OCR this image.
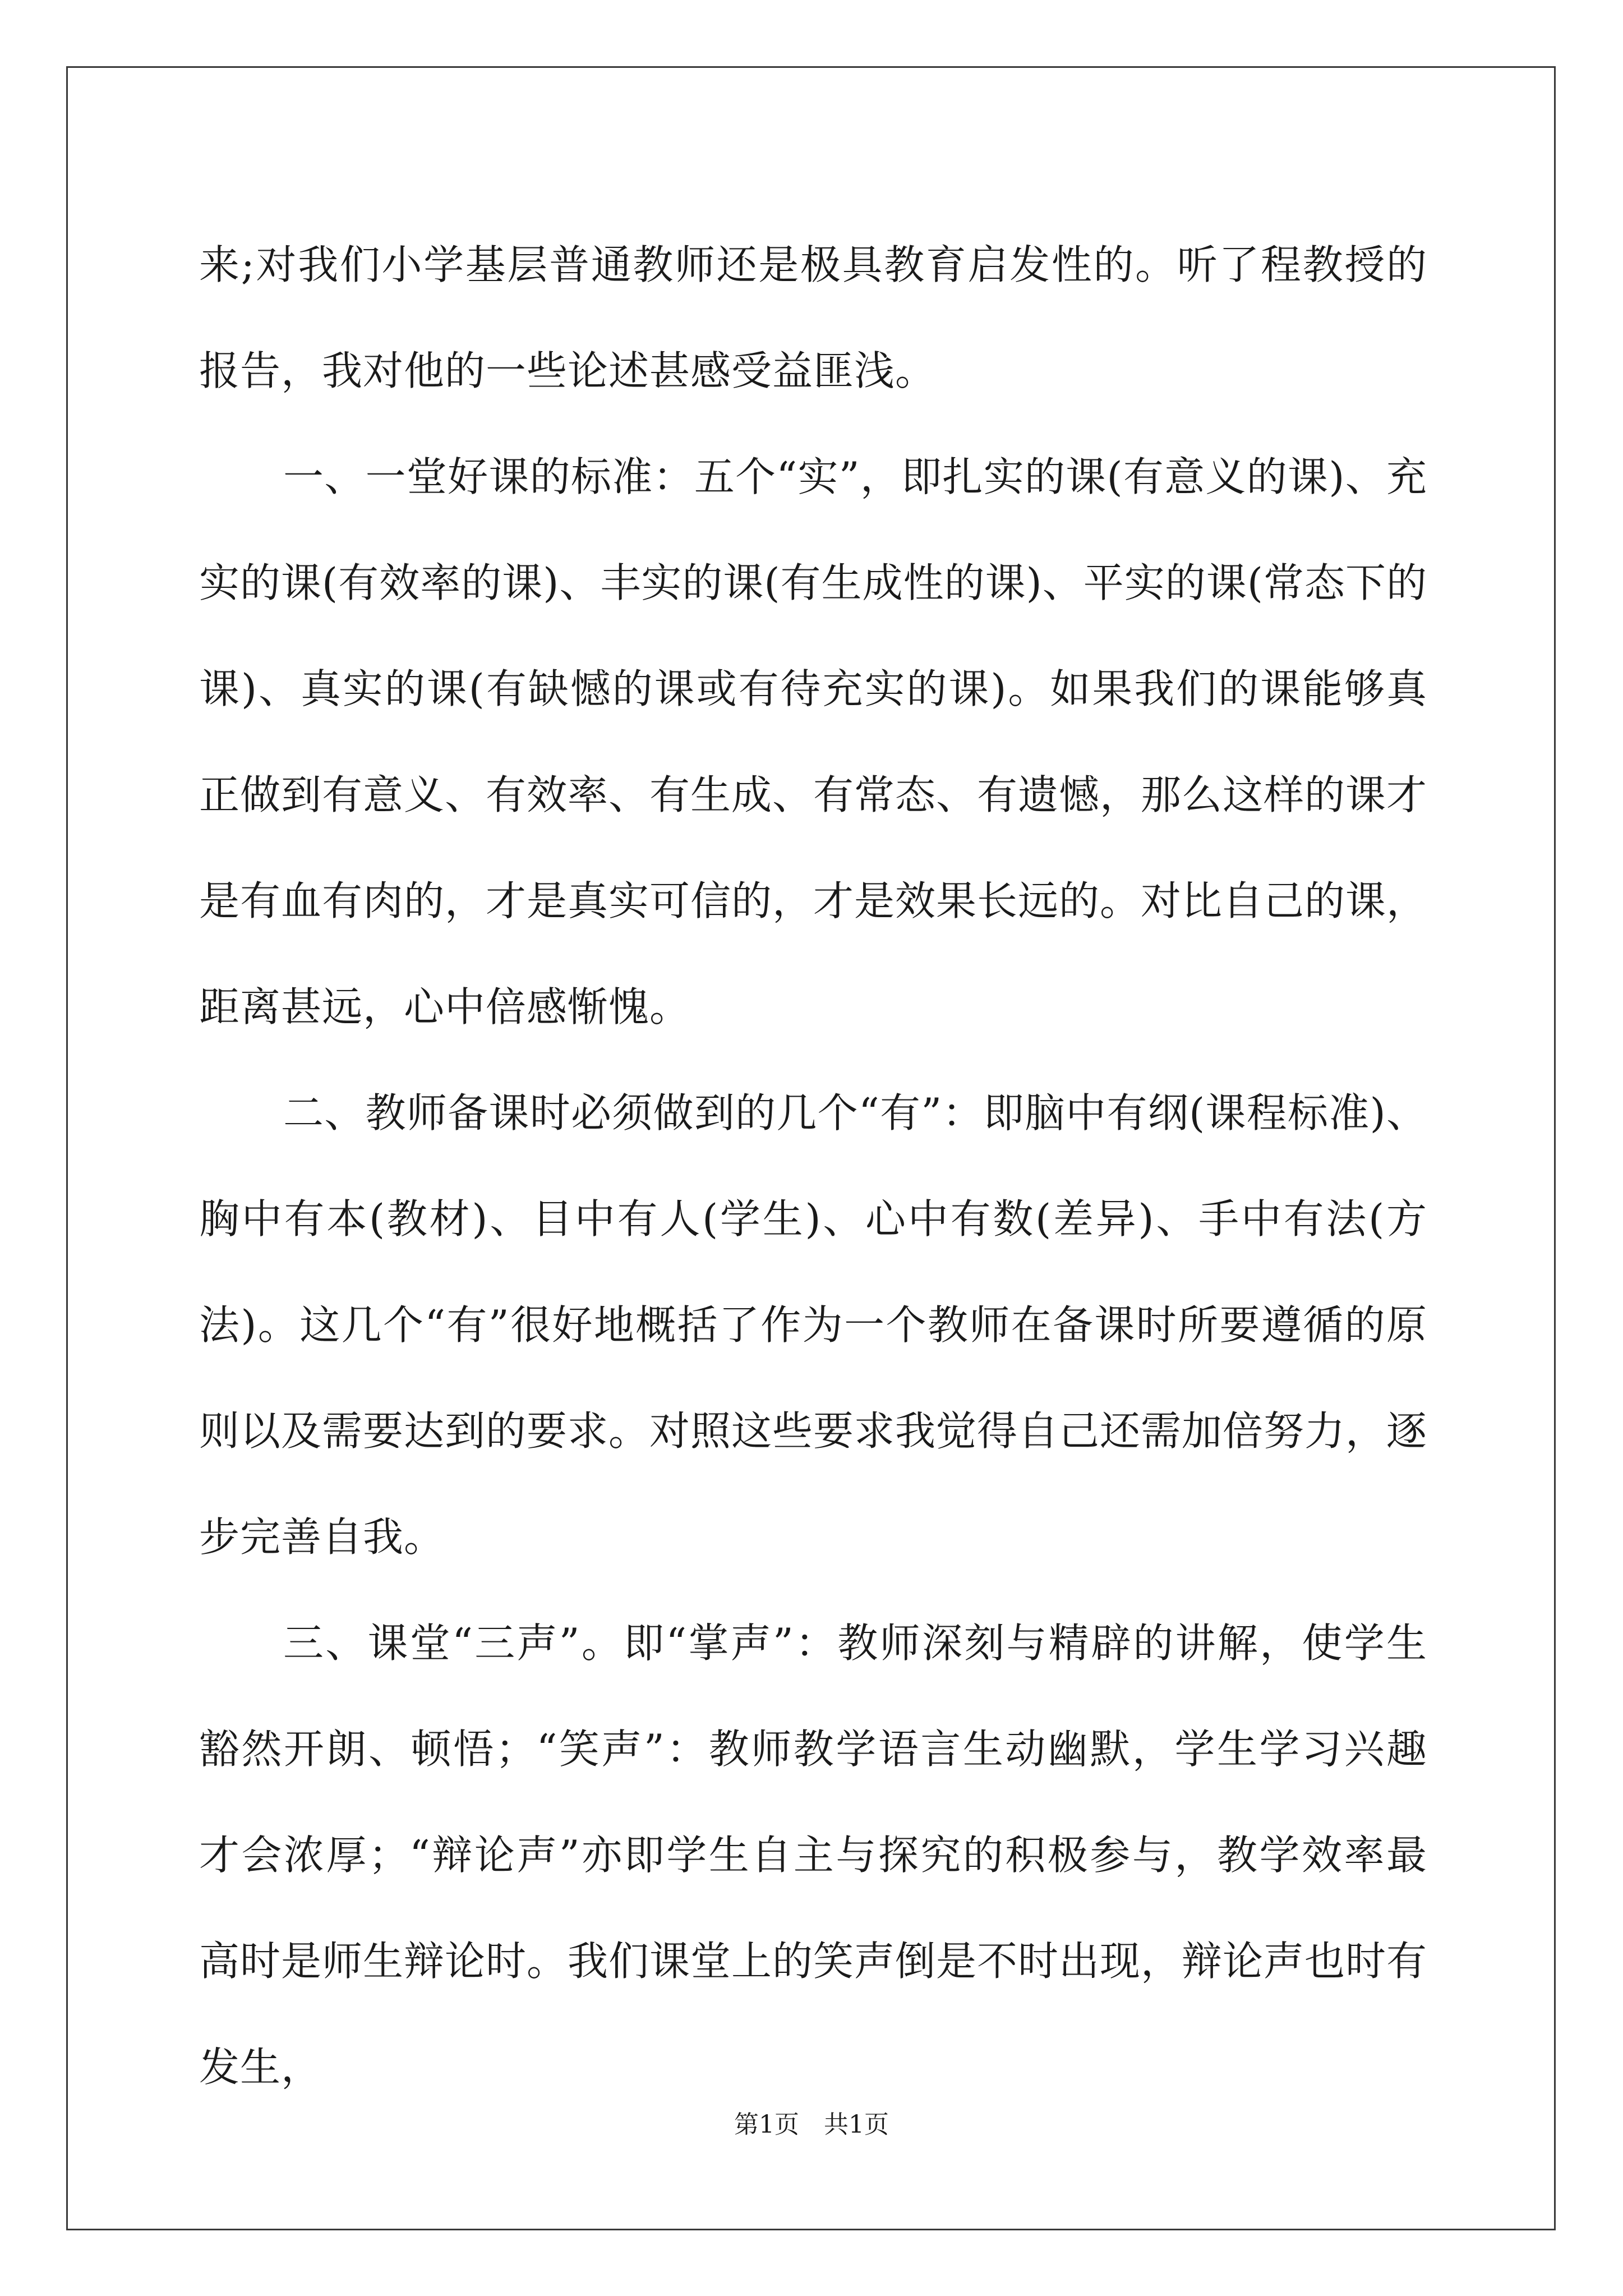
来;对我们小学基层普通教师还是极具教育启发性的。听了程教授的报告，我对他的一些论述甚感受益匪浅。

一、一堂好课的标准：五个“实”，即扎实的课(有意义的课)、充实的课(有效率的课)、丰实的课(有生成性的课)、平实的课(常态下的课)、真实的课(有缺憾的课或有待充实的课)。如果我们的课能够真正做到有意义、有效率、有生成、有常态、有遗憾，那么这样的课才是有血有肉的，才是真实可信的，才是效果长远的。对比自己的课，距离甚远，心中倍感惭愧。

二、教师备课时必须做到的几个“有”：即脑中有纲(课程标准)、胸中有本(教材)、目中有人(学生)、心中有数(差异)、手中有法(方法)。这几个“有”很好地概括了作为一个教师在备课时所要遵循的原则以及需要达到的要求。对照这些要求我觉得自己还需加倍努力，逐步完善自我。

三、课堂“三声”。即“掌声”：教师深刻与精辟的讲解，使学生豁然开朗、顿悟；“笑声”：教师教学语言生动幽默，学生学习兴趣才会浓厚；“辩论声”亦即学生自主与探究的积极参与，教学效率最高时是师生辩论时。我们课堂上的笑声倒是不时出现，辩论声也时有发生，

第1页　共1页
